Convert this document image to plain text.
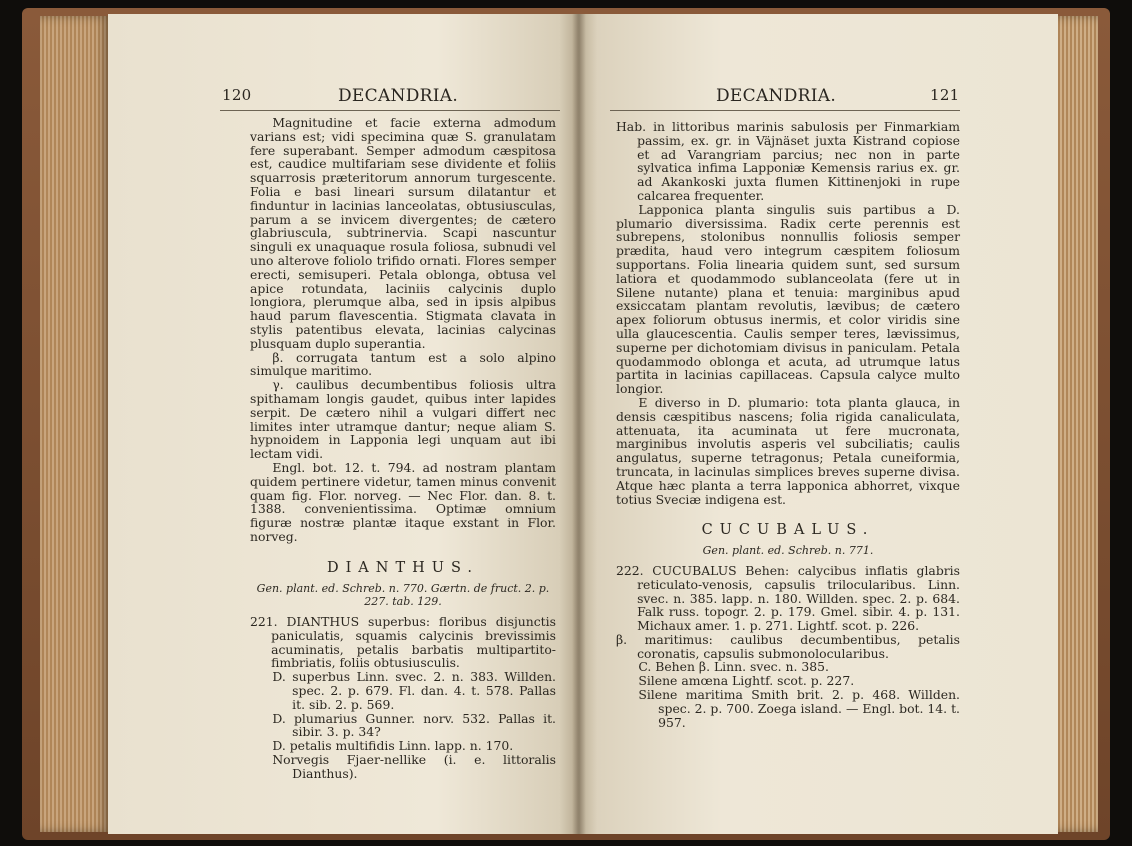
120	DECANDRIA.

Magnitudine et facie externa admodum varians est; vidi specimina quæ S. granulatam fere superabant. Semper admodum cæspitosa est, caudice multifariam sese dividente et foliis squarrosis præteritorum annorum turgescente. Folia e basi lineari sursum dilatantur et finduntur in lacinias lanceolatas, obtusiusculas, parum a se invicem divergentes; de cætero glabriuscula, subtrinervia. Scapi nascuntur singuli ex unaquaque rosula foliosa, subnudi vel uno alterove foliolo trifido ornati. Flores semper erecti, semisuperi. Petala oblonga, obtusa vel apice rotundata, laciniis calycinis duplo longiora, plerumque alba, sed in ipsis alpibus haud parum flavescentia. Stigmata clavata in stylis patentibus elevata, lacinias calycinas plusquam duplo superantia.

β. corrugata tantum est a solo alpino simulque maritimo.

γ. caulibus decumbentibus foliosis ultra spithamam longis gaudet, quibus inter lapides serpit. De cætero nihil a vulgari differt nec limites inter utramque dantur; neque aliam S. hypnoidem in Lapponia legi unquam aut ibi lectam vidi.

Engl. bot. 12. t. 794. ad nostram plantam quidem pertinere videtur, tamen minus convenit quam fig. Flor. norveg. — Nec Flor. dan. 8. t. 1388. convenientissima. Optimæ omnium figuræ nostræ plantæ itaque exstant in Flor. norveg.

DIANTHUS.
Gen. plant. ed. Schreb. n. 770. Gærtn. de fruct. 2. p. 227. tab. 129.

221. DIANTHUS superbus: floribus disjunctis paniculatis, squamis calycinis brevissimis acuminatis, petalis barbatis multipartito-fimbriatis, foliis obtusiusculis.

D. superbus Linn. svec. 2. n. 383. Willden. spec. 2. p. 679. Fl. dan. 4. t. 578. Pallas it. sib. 2. p. 569.

D. plumarius Gunner. norv. 532. Pallas it. sibir. 3. p. 34?

D. petalis multifidis Linn. lapp. n. 170.

Norvegis Fjaer-nellike (i. e. littoralis Dianthus).

121
DECANDRIA.

Hab. in littoribus marinis sabulosis per Finmarkiam passim, ex. gr. in Väjnäset juxta Kistrand copiose et ad Varangriam parcius; nec non in parte sylvatica infima Lapponiæ Kemensis rarius ex. gr. ad Akankoski juxta flumen Kittinenjoki in rupe calcarea frequenter.

Lapponica planta singulis suis partibus a D. plumario diversissima. Radix certe perennis est subrepens, stolonibus nonnullis foliosis semper prædita, haud vero integrum cæspitem foliosum supportans. Folia linearia quidem sunt, sed sursum latiora et quodammodo sublanceolata (fere ut in Silene nutante) plana et tenuia: marginibus apud exsiccatam plantam revolutis, lævibus; de cætero apex foliorum obtusus inermis, et color viridis sine ulla glaucescentia. Caulis semper teres, lævissimus, superne per dichotomiam divisus in paniculam. Petala quodammodo oblonga et acuta, ad utrumque latus partita in lacinias capillaceas. Capsula calyce multo longior.

E diverso in D. plumario: tota planta glauca, in densis cæspitibus nascens; folia rigida canaliculata, attenuata, ita acuminata ut fere mucronata, marginibus involutis asperis vel subciliatis; caulis angulatus, superne tetragonus; Petala cuneiformia, truncata, in lacinulas simplices breves superne divisa. Atque hæc planta a terra lapponica abhorret, vixque totius Sveciæ indigena est.

CUCUBALUS.
Gen. plant. ed. Schreb. n. 771.

222. CUCUBALUS Behen: calycibus inflatis glabris reticulato-venosis, capsulis trilocularibus. Linn. svec. n. 385. lapp. n. 180. Willden. spec. 2. p. 684. Falk russ. topogr. 2. p. 179. Gmel. sibir. 4. p. 131. Michaux amer. 1. p. 271. Lightf. scot. p. 226.

β. maritimus: caulibus decumbentibus, petalis coronatis, capsulis submonolocularibus.

C. Behen β. Linn. svec. n. 385.

Silene amœna Lightf. scot. p. 227.

Silene maritima Smith brit. 2. p. 468. Willden. spec. 2. p. 700. Zoega island. — Engl. bot. 14. t. 957.
